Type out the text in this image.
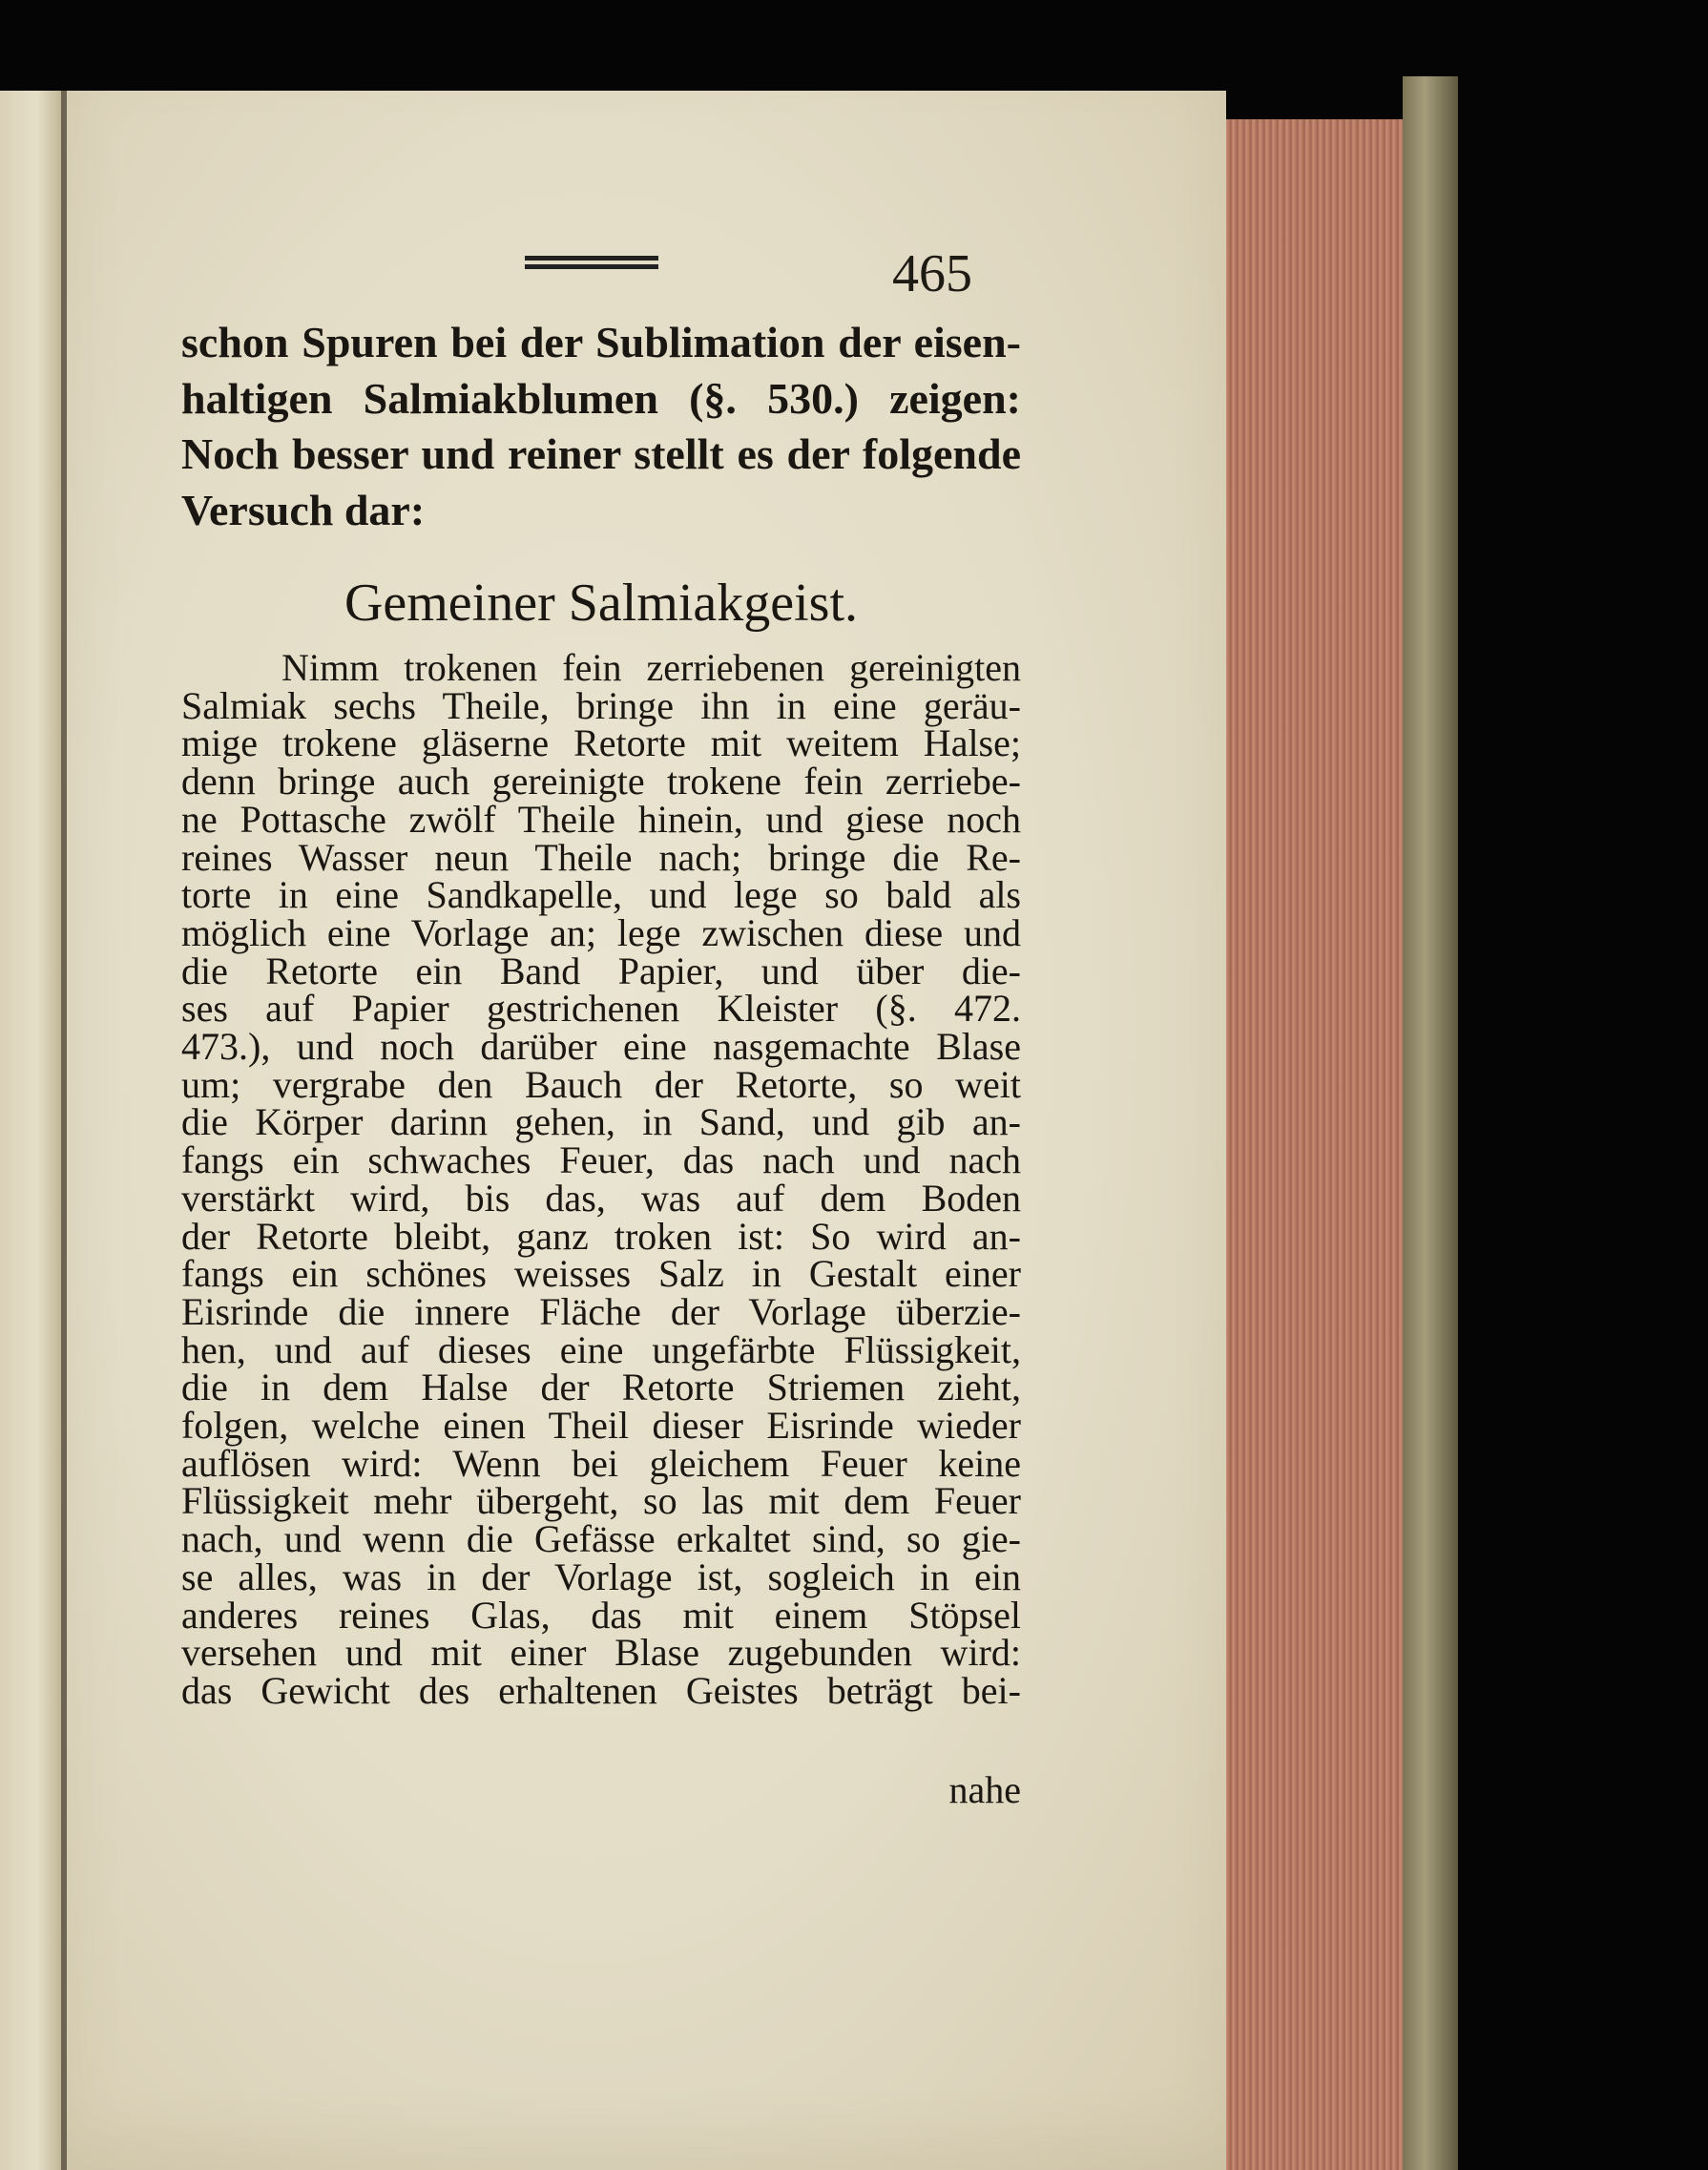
465
schon Spuren bei der Sublimation der eisen-
haltigen Salmiakblumen (§. 530.) zeigen:
Noch besser und reiner stellt es der folgende
Versuch dar:
Gemeiner Salmiakgeist.
Nimm trokenen fein zerriebenen gereinigten
Salmiak sechs Theile, bringe ihn in eine geräu-
mige trokene gläserne Retorte mit weitem Halse;
denn bringe auch gereinigte trokene fein zerriebe-
ne Pottasche zwölf Theile hinein, und giese noch
reines Wasser neun Theile nach; bringe die Re-
torte in eine Sandkapelle, und lege so bald als
möglich eine Vorlage an; lege zwischen diese und
die Retorte ein Band Papier, und über die-
ses auf Papier gestrichenen Kleister (§. 472.
473.), und noch darüber eine nasgemachte Blase
um; vergrabe den Bauch der Retorte, so weit
die Körper darinn gehen, in Sand, und gib an-
fangs ein schwaches Feuer, das nach und nach
verstärkt wird, bis das, was auf dem Boden
der Retorte bleibt, ganz troken ist: So wird an-
fangs ein schönes weisses Salz in Gestalt einer
Eisrinde die innere Fläche der Vorlage überzie-
hen, und auf dieses eine ungefärbte Flüssigkeit,
die in dem Halse der Retorte Striemen zieht,
folgen, welche einen Theil dieser Eisrinde wieder
auflösen wird: Wenn bei gleichem Feuer keine
Flüssigkeit mehr übergeht, so las mit dem Feuer
nach, und wenn die Gefässe erkaltet sind, so gie-
se alles, was in der Vorlage ist, sogleich in ein
anderes reines Glas, das mit einem Stöpsel
versehen und mit einer Blase zugebunden wird:
das Gewicht des erhaltenen Geistes beträgt bei-
nahe
